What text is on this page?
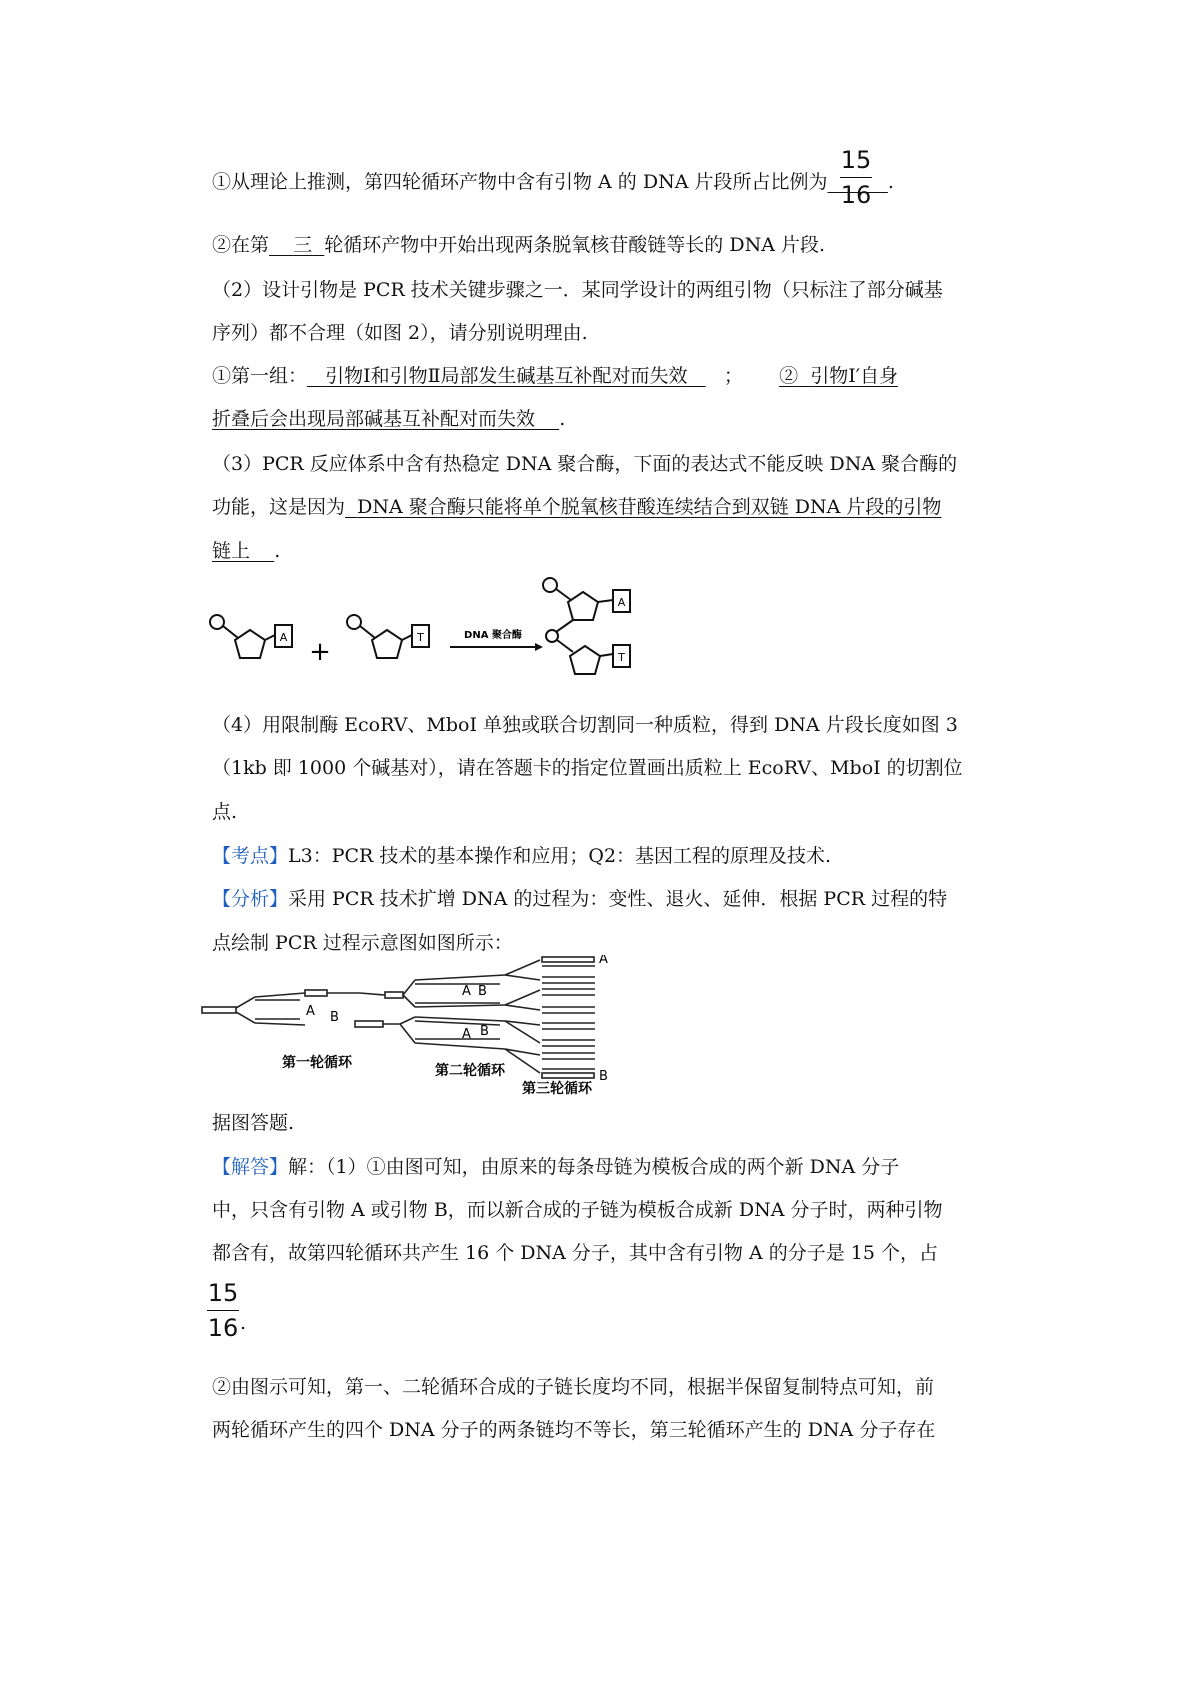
①从理论上推测，第四轮循环产物中含有引物 A 的 DNA 片段所占比例为	.
15
16
②在第 三 轮循环产物中开始出现两条脱氧核苷酸链等长的 DNA 片段.
（2）设计引物是 PCR 技术关键步骤之一．某同学设计的两组引物（只标注了部分碱基
序列）都不合理（如图 2），请分别说明理由.
①第一组： 引物Ⅰ和引物Ⅱ局部发生碱基互补配对而失效 ； ② 引物Ⅰ′自身
折叠后会出现局部碱基互补配对而失效 .
（3）PCR 反应体系中含有热稳定 DNA 聚合酶，下面的表达式不能反映 DNA 聚合酶的
功能，这是因为 DNA 聚合酶只能将单个脱氧核苷酸连续结合到双链 DNA 片段的引物
链上 .
A	T
+
DNA 聚合酶
A
T
（4）用限制酶 EcoRV、MboI 单独或联合切割同一种质粒，得到 DNA 片段长度如图 3
（1kb 即 1000 个碱基对），请在答题卡的指定位置画出质粒上 EcoRV、MboI 的切割位
点.
【考点】L3：PCR 技术的基本操作和应用；Q2：基因工程的原理及技术.
【分析】采用 PCR 技术扩增 DNA 的过程为：变性、退火、延伸．根据 PCR 过程的特
点绘制 PCR 过程示意图如图所示：
A B
A B
A B
A
B
第一轮循环	第二轮循环
第三轮循环
据图答题.
【解答】解：（1）①由图可知，由原来的每条母链为模板合成的两个新 DNA 分子
中，只含有引物 A 或引物 B，而以新合成的子链为模板合成新 DNA 分子时，两种引物
都含有，故第四轮循环共产生 16 个 DNA 分子，其中含有引物 A 的分子是 15 个，占
15
16 .
②由图示可知，第一、二轮循环合成的子链长度均不同，根据半保留复制特点可知，前
两轮循环产生的四个 DNA 分子的两条链均不等长，第三轮循环产生的 DNA 分子存在
